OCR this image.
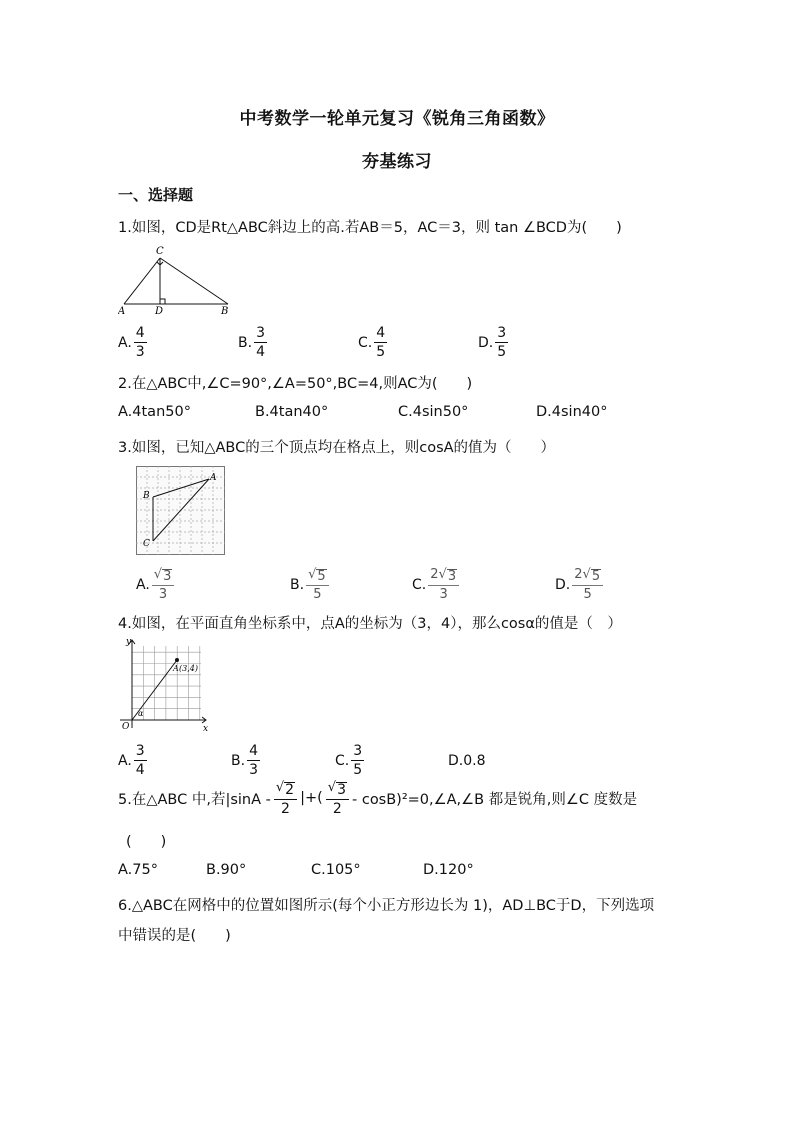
中考数学一轮单元复习《锐角三角函数》
夯基练习
一、选择题
1.如图，CD是Rt△ABC斜边上的高.若AB＝5，AC＝3，则 tan ∠BCD为(　　)
C
A	D	B
A. $\frac{4}{3}$	B. $\frac{3}{4}$	C. $\frac{4}{5}$	D. $\frac{3}{5}$
2.在△ABC中,∠C=90°,∠A=50°,BC=4,则AC为(　　)
A.4tan50°	B.4tan40°	C.4sin50°	D.4sin40°
3.如图，已知△ABC的三个顶点均在格点上，则cosA的值为（　　）
A
B
C
A. $\frac{√ 3}{3}$	B. $\frac{√ 5}{5}$	C. $\frac{2 √ 3}{3}$	D. $\frac{2 √ 5}{5}$
4.如图，在平面直角坐标系中，点A的坐标为（3，4），那么cosα的值是（　）
y
x
O
A (3,4)
α
A. $\frac{3}{4}$	B. $\frac{4}{3}$	C. $\frac{3}{5}$	D. 0.8
5.在△ABC 中,若$|\sin A - \frac{√ 2}{2}$ |+( $\frac{√ 3}{2}$ - cosB)²=0,∠A,∠B 都是锐角,则∠C 度数是
(　　)
A.75°	B.90°	C.105°	D.120°
6.△ABC在网格中的位置如图所示(每个小正方形边长为 1)，AD⊥BC于D，下列选项
中错误的是(　　)
